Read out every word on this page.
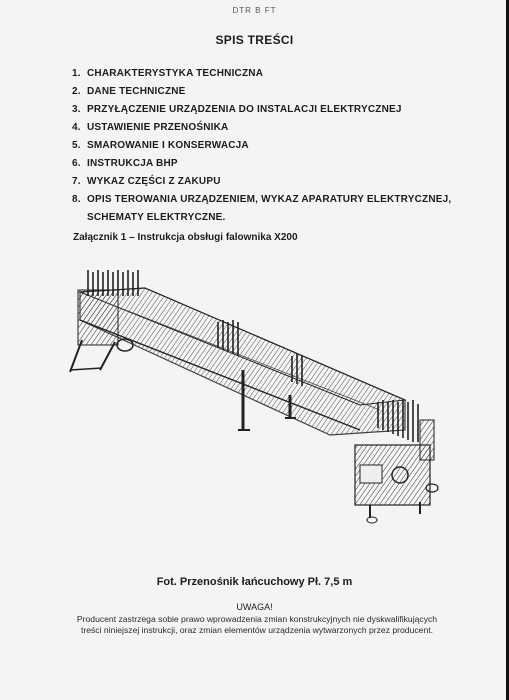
DTR B FT
SPIS TREŚCI
1. CHARAKTERYSTYKA TECHNICZNA
2. DANE TECHNICZNE
3. PRZYŁĄCZENIE URZĄDZENIA DO INSTALACJI ELEKTRYCZNEJ
4. USTAWIENIE PRZENOŚNIKA
5. SMAROWANIE I KONSERWACJA
6. INSTRUKCJA BHP
7. WYKAZ CZĘŚCI Z ZAKUPU
8. OPIS TEROWANIA URZĄDZENIEM, WYKAZ APARATURY ELEKTRYCZNEJ,
SCHEMATY ELEKTRYCZNE.
Załącznik 1 – Instrukcja obsługi falownika X200
Fot. Przenośnik łańcuchowy Pł. 7,5 m
UWAGA!
Producent zastrzega sobie prawo wprowadzenia zmian konstrukcyjnych nie dyskwalifikujących treści niniejszej instrukcji, oraz zmian elementów urządzenia wytwarzonych przez producent.
